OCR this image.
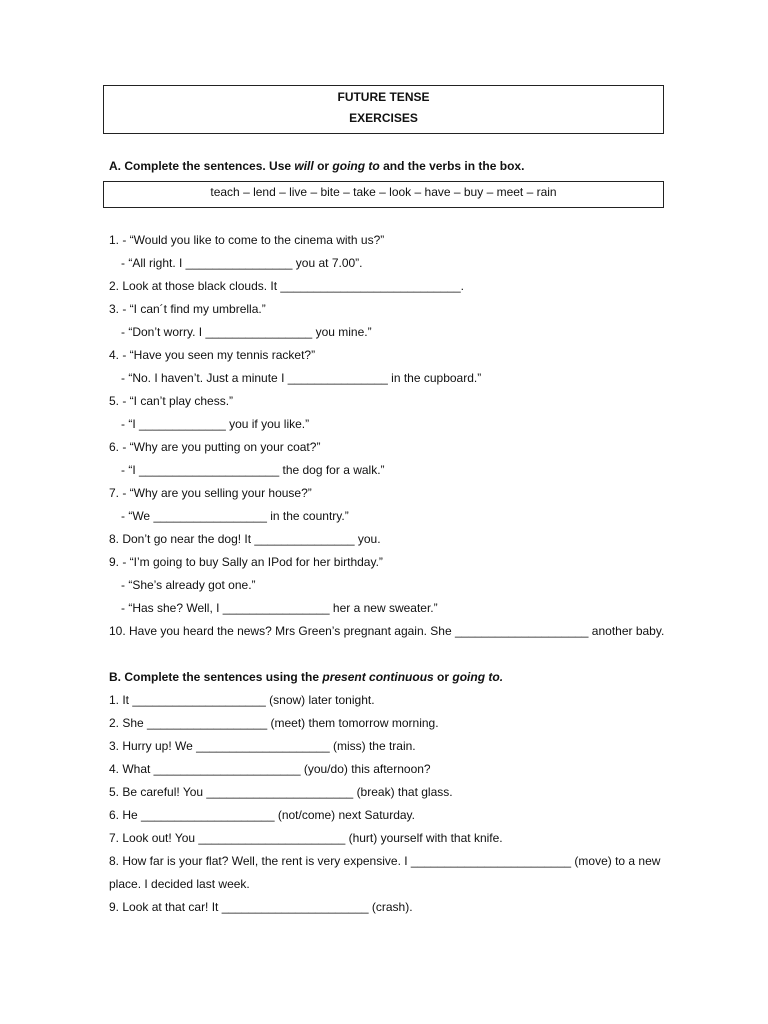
FUTURE TENSE
EXERCISES
A. Complete the sentences. Use will or going to and the verbs in the box.
teach – lend – live – bite – take – look – have – buy – meet – rain
1. - “Would you like to come to the cinema with us?”
- “All right. I ________________ you at 7.00”.
2. Look at those black clouds. It ___________________________.
3. - “I can´t find my umbrella.”
- “Don’t worry. I ________________ you mine.”
4. - “Have you seen my tennis racket?”
- “No. I haven’t. Just a minute I _______________ in the cupboard.”
5. - “I can’t play chess.”
- “I _____________ you if you like.”
6. - “Why are you putting on your coat?”
- “I _____________________ the dog for a walk.”
7. - “Why are you selling your house?”
- “We _________________ in the country.”
8. Don’t go near the dog! It _______________ you.
9. - “I’m going to buy Sally an IPod for her birthday.”
- “She’s already got one.”
- “Has she? Well, I ________________ her a new sweater.”
10. Have you heard the news? Mrs Green’s pregnant again. She ____________________ another baby.
B. Complete the sentences using the present continuous or going to.
1. It ____________________ (snow) later tonight.
2. She __________________ (meet) them tomorrow morning.
3. Hurry up! We ____________________ (miss) the train.
4. What ______________________ (you/do) this afternoon?
5. Be careful! You ______________________ (break) that glass.
6. He ____________________ (not/come) next Saturday.
7. Look out! You ______________________ (hurt) yourself with that knife.
8. How far is your flat? Well, the rent is very expensive. I ________________________ (move) to a new
place. I decided last week.
9. Look at that car! It ______________________ (crash).
